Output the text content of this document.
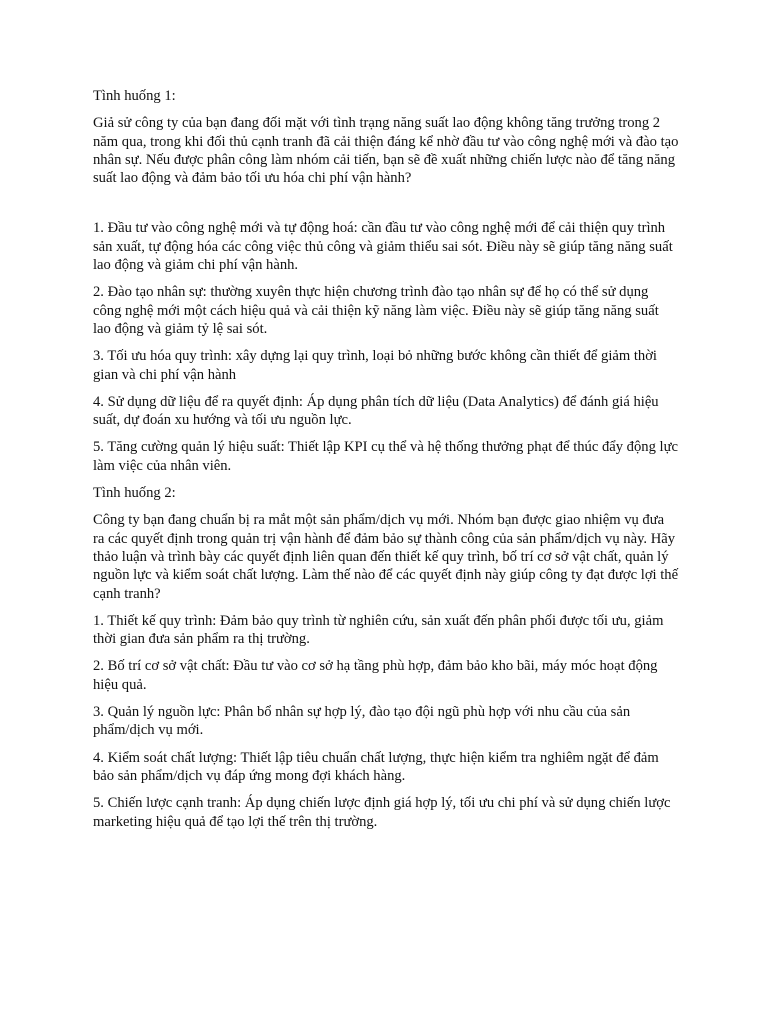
Tình huống 1:

Giả sử công ty của bạn đang đối mặt với tình trạng năng suất lao động không tăng trưởng trong 2 năm qua, trong khi đối thủ cạnh tranh đã cải thiện đáng kể nhờ đầu tư vào công nghệ mới và đào tạo nhân sự. Nếu được phân công làm nhóm cải tiến, bạn sẽ đề xuất những chiến lược nào để tăng năng suất lao động và đảm bảo tối ưu hóa chi phí vận hành?

1. Đầu tư vào công nghệ mới và tự động hoá: cần đầu tư vào công nghệ mới để cải thiện quy trình sản xuất, tự động hóa các công việc thủ công và giảm thiểu sai sót. Điều này sẽ giúp tăng năng suất lao động và giảm chi phí vận hành.

2. Đào tạo nhân sự: thường xuyên thực hiện chương trình đào tạo nhân sự để họ có thể sử dụng công nghệ mới một cách hiệu quả và cải thiện kỹ năng làm việc. Điều này sẽ giúp tăng năng suất lao động và giảm tỷ lệ sai sót.

3. Tối ưu hóa quy trình: xây dựng lại quy trình, loại bỏ những bước không cần thiết để giảm thời gian và chi phí vận hành

4. Sử dụng dữ liệu để ra quyết định: Áp dụng phân tích dữ liệu (Data Analytics) để đánh giá hiệu suất, dự đoán xu hướng và tối ưu nguồn lực.

5. Tăng cường quản lý hiệu suất: Thiết lập KPI cụ thể và hệ thống thưởng phạt để thúc đẩy động lực làm việc của nhân viên.

Tình huống 2:

Công ty bạn đang chuẩn bị ra mắt một sản phẩm/dịch vụ mới. Nhóm bạn được giao nhiệm vụ đưa ra các quyết định trong quản trị vận hành để đảm bảo sự thành công của sản phẩm/dịch vụ này. Hãy thảo luận và trình bày các quyết định liên quan đến thiết kế quy trình, bố trí cơ sở vật chất, quản lý nguồn lực và kiểm soát chất lượng. Làm thế nào để các quyết định này giúp công ty đạt được lợi thế cạnh tranh?

1. Thiết kế quy trình: Đảm bảo quy trình từ nghiên cứu, sản xuất đến phân phối được tối ưu, giảm thời gian đưa sản phẩm ra thị trường.

2. Bố trí cơ sở vật chất: Đầu tư vào cơ sở hạ tầng phù hợp, đảm bảo kho bãi, máy móc hoạt động hiệu quả.

3. Quản lý nguồn lực: Phân bổ nhân sự hợp lý, đào tạo đội ngũ phù hợp với nhu cầu của sản phẩm/dịch vụ mới.

4. Kiểm soát chất lượng: Thiết lập tiêu chuẩn chất lượng, thực hiện kiểm tra nghiêm ngặt để đảm bảo sản phẩm/dịch vụ đáp ứng mong đợi khách hàng.

5. Chiến lược cạnh tranh: Áp dụng chiến lược định giá hợp lý, tối ưu chi phí và sử dụng chiến lược marketing hiệu quả để tạo lợi thế trên thị trường.
